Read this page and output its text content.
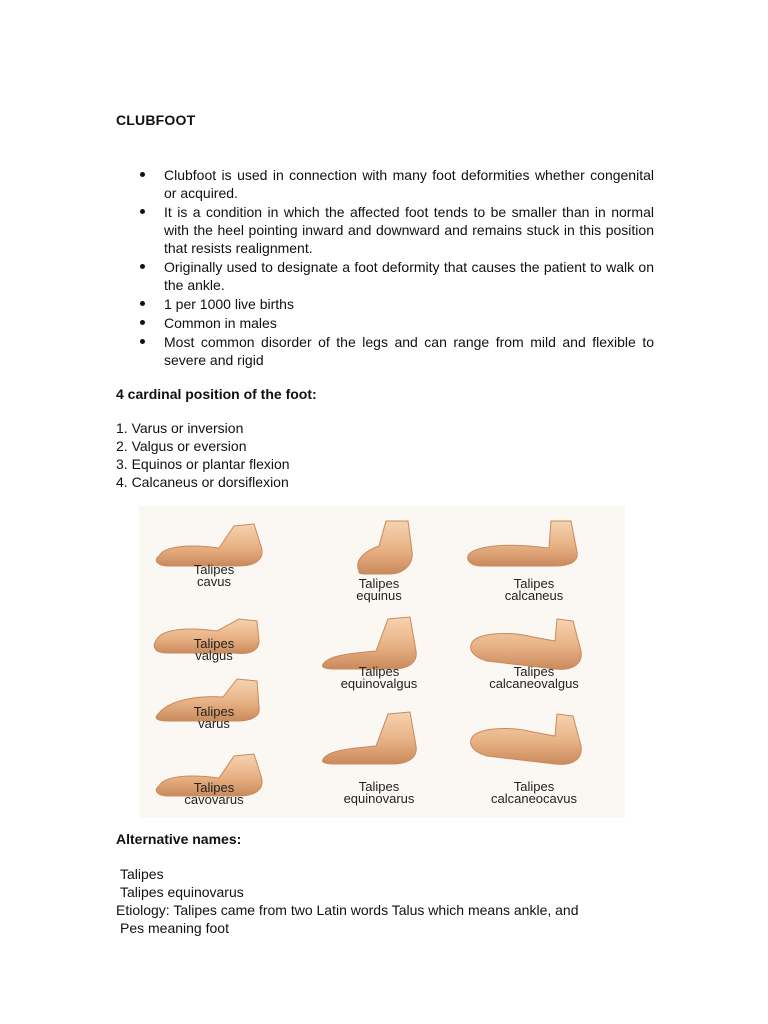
CLUBFOOT
Clubfoot is used in connection with many foot deformities whether congenital or acquired.
It is a condition in which the affected foot tends to be smaller than in normal with the heel pointing inward and downward and remains stuck in this position that resists realignment.
Originally used to designate a foot deformity that causes the patient to walk on the ankle.
1 per 1000 live births
Common in males
Most common disorder of the legs and can range from mild and flexible to severe and rigid
4 cardinal position of the foot:
1. Varus or inversion
2. Valgus or eversion
3. Equinos or plantar flexion
4. Calcaneus or dorsiflexion
Talipes
cavus	Talipes
equinus
Talipes
calcaneus
Talipes
valgus
Talipes
equinovalgus
Talipes
calcaneovalgus
Talipes
varus
Talipes
cavovarus
Talipes
equinovarus
Talipes
calcaneocavus
Alternative names:
Talipes
Talipes equinovarus
Etiology: Talipes came from two Latin words Talus which means ankle, and
Pes meaning foot
